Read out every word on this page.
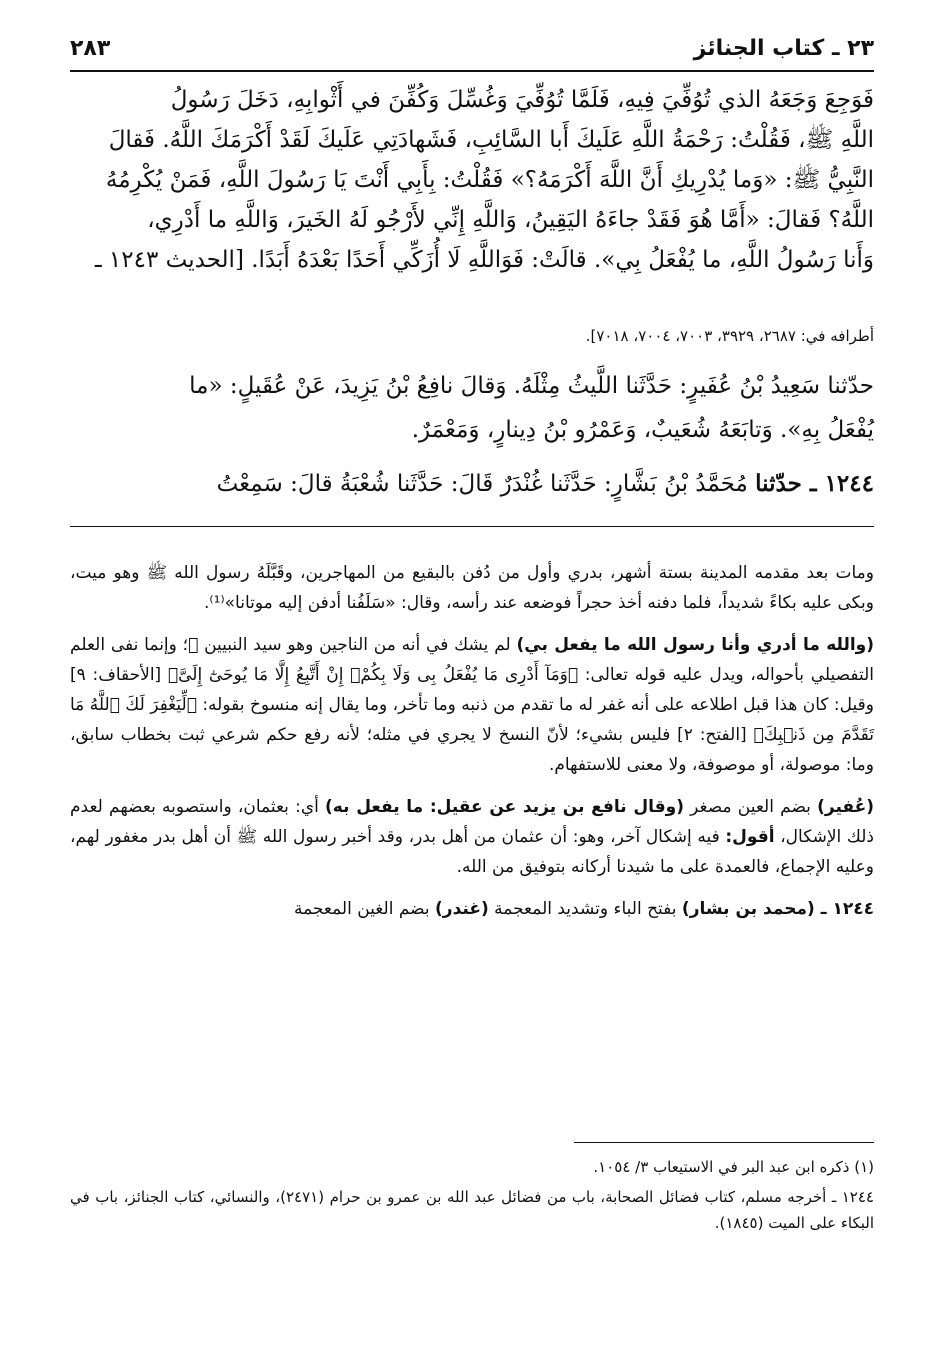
٢٣ ـ كتاب الجنائز
٢٨٣

فَوَجِعَ وَجَعَهُ الذي تُوُفِّيَ فِيهِ، فَلَمَّا تُوُفِّيَ وَغُسِّلَ وَكُفِّنَ في أَثْوابِهِ، دَخَلَ رَسُولُ

اللَّهِ ﷺ، فَقُلْتُ: رَحْمَةُ اللَّهِ عَلَيكَ أَبا السَّائِبِ، فَشَهادَتِي عَلَيكَ لَقَدْ أَكْرَمَكَ اللَّهُ. فَقالَ

النَّبِيُّ ﷺ: «وَما يُدْرِيكِ أَنَّ اللَّهَ أَكْرَمَهُ؟» فَقُلْتُ: بِأَبِي أَنْتَ يَا رَسُولَ اللَّهِ، فَمَنْ يُكْرِمُهُ

اللَّهُ؟ فَقالَ: «أَمَّا هُوَ فَقَدْ جاءَهُ اليَقِينُ، وَاللَّهِ إِنِّي لأَرْجُو لَهُ الخَيرَ، وَاللَّهِ ما أَدْرِي،

وَأَنا رَسُولُ اللَّهِ، ما يُفْعَلُ بِي». قالَتْ: فَوَاللَّهِ لَا أُزَكِّي أَحَدًا بَعْدَهُ أَبَدًا. [الحديث ١٢٤٣ ـ

أطرافه في: ٢٦٨٧، ٣٩٢٩، ٧٠٠٣، ٧٠٠٤، ٧٠١٨].

حدّثنا سَعِيدُ بْنُ عُفَيرٍ: حَدَّثَنا اللَّيثُ مِثْلَهُ. وَقالَ نافِعُ بْنُ يَزِيدَ، عَنْ عُقَيلٍ: «ما

يُفْعَلُ بِهِ». وَتابَعَهُ شُعَيبٌ، وَعَمْرُو بْنُ دِينارٍ، وَمَعْمَرٌ.

١٢٤٤ ـ حدّثنا مُحَمَّدُ بْنُ بَشَّارٍ: حَدَّثَنا غُنْدَرٌ قَالَ: حَدَّثَنا شُعْبَةُ قالَ: سَمِعْتُ

ومات بعد مقدمه المدينة بستة أشهر، بدري وأول من دُفن بالبقيع من المهاجرين، وقَبَّلَهُ رسول الله ﷺ وهو ميت، وبكى عليه بكاءً شديداً، فلما دفنه أخذ حجراً فوضعه عند رأسه، وقال: «سَلَفُنا أدفن إليه موتانا»⁽¹⁾.

(والله ما أدري وأنا رسول الله ما يفعل بي) لم يشك في أنه من الناجين وهو سيد النبيين ﷺ؛ وإنما نفى العلم التفصيلي بأحواله، ويدل عليه قوله تعالى: ﴿وَمَآ أَدْرِى مَا يُفْعَلُ بِى وَلَا بِكُمْۖ إِنْ أَتَّبِعُ إِلَّا مَا يُوحَىٰٓ إِلَىَّ﴾ [الأحقاف: ٩] وقيل: كان هذا قبل اطلاعه على أنه غفر له ما تقدم من ذنبه وما تأخر، وما يقال إنه منسوخ بقوله: ﴿لِّيَغْفِرَ لَكَ ٱللَّهُ مَا تَقَدَّمَ مِن ذَنۢبِكَ﴾ [الفتح: ٢] فليس بشيء؛ لأنّ النسخ لا يجري في مثله؛ لأنه رفع حكم شرعي ثبت بخطاب سابق، وما: موصولة، أو موصوفة، ولا معنى للاستفهام.

(عُفير) بضم العين مصغر (وقال نافع بن يزيد عن عقيل: ما يفعل به) أي: بعثمان، واستصوبه بعضهم لعدم ذلك الإشكال، أقول: فيه إشكال آخر، وهو: أن عثمان من أهل بدر، وقد أخبر رسول الله ﷺ أن أهل بدر مغفور لهم، وعليه الإجماع، فالعمدة على ما شيدنا أركانه بتوفيق من الله.

١٢٤٤ ـ (محمد بن بشار) بفتح الباء وتشديد المعجمة (غندر) بضم الغين المعجمة

(١) ذكره ابن عبد البر في الاستيعاب ٣/ ١٠٥٤.

١٢٤٤ ـ أخرجه مسلم، كتاب فضائل الصحابة، باب من فضائل عبد الله بن عمرو بن حرام (٢٤٧١)، والنسائي، كتاب الجنائز، باب في البكاء على الميت (١٨٤٥).
